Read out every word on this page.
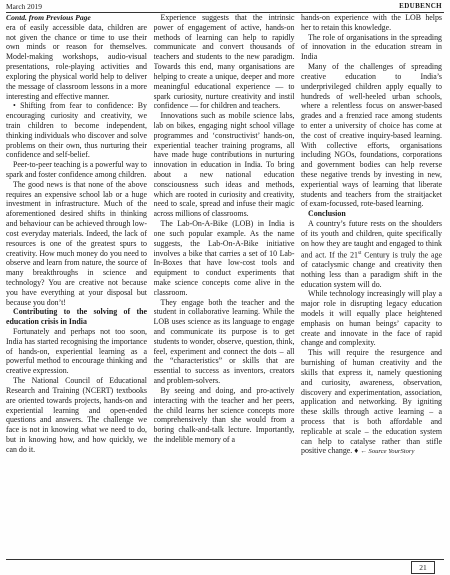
March 2019	EDUBENCH

Contd. from Previous Page

era of easily accessible data, children are not given the chance or time to use their own minds or reason for themselves. Model-making workshops, audio-visual presentations, role-playing activities and exploring the physical world help to deliver the message of classroom lessons in a more interesting and effective manner.

• Shifting from fear to confidence: By encouraging curiosity and creativity, we train children to become independent, thinking individuals who discover and solve problems on their own, thus nurturing their confidence and self-belief.

Peer-to-peer teaching is a powerful way to spark and foster confidence among children.

The good news is that none of the above requires an expensive school lab or a huge investment in infrastructure. Much of the aforementioned desired shifts in thinking and behaviour can be achieved through low-cost everyday materials. Indeed, the lack of resources is one of the greatest spurs to creativity. How much money do you need to observe and learn from nature, the source of many breakthroughs in science and technology? You are creative not because you have everything at your disposal but because you don’t!

Contributing to the solving of the education crisis in India

Fortunately and perhaps not too soon, India has started recognising the importance of hands-on, experiential learning as a powerful method to encourage thinking and creative expression.

The National Council of Educational Research and Training (NCERT) textbooks are oriented towards projects, hands-on and experiential learning and open-ended questions and answers. The challenge we face is not in knowing what we need to do, but in knowing how, and how quickly, we can do it.

Experience suggests that the intrinsic power of engagement of active, hands-on methods of learning can help to rapidly communicate and convert thousands of teachers and students to the new paradigm. Towards this end, many organisations are helping to create a unique, deeper and more meaningful educational experience — to spark curiosity, nurture creativity and instil confidence — for children and teachers.

Innovations such as mobile science labs, lab on bikes, engaging night school village programmes and ‘constructivist’ hands-on, experiential teacher training programs, all have made huge contributions in nurturing innovation in education in India. To bring about a new national education consciousness such ideas and methods, which are rooted in curiosity and creativity, need to scale, spread and infuse their magic across millions of classrooms.

The Lab-On-A-Bike (LOB) in India is one such popular example. As the name suggests, the Lab-On-A-Bike initiative involves a bike that carries a set of 10 Lab-In-Boxes that have low-cost tools and equipment to conduct experiments that make science concepts come alive in the classroom.

They engage both the teacher and the student in collaborative learning. While the LOB uses science as its language to engage and communicate its purpose is to get students to wonder, observe, question, think, feel, experiment and connect the dots – all the “characteristics” or skills that are essential to success as inventors, creators and problem-solvers.

By seeing and doing, and pro-actively interacting with the teacher and her peers, the child learns her science concepts more comprehensively than she would from a boring chalk-and-talk lecture. Importantly, the indelible memory of a

hands-on experience with the LOB helps her to retain this knowledge.

The role of organisations in the spreading of innovation in the education stream in India

Many of the challenges of spreading creative education to India’s underprivileged children apply equally to hundreds of well-heeled urban schools, where a relentless focus on answer-based grades and a frenzied race among students to enter a university of choice has come at the cost of creative inquiry-based learning. With collective efforts, organisations including NGOs, foundations, corporations and government bodies can help reverse these negative trends by investing in new, experiential ways of learning that liberate students and teachers from the straitjacket of exam-focussed, rote-based learning.

Conclusion

A country’s future rests on the shoulders of its youth and children, quite specifically on how they are taught and engaged to think and act. If the 21st Century is truly the age of cataclysmic change and creativity then nothing less than a paradigm shift in the education system will do.

While technology increasingly will play a major role in disrupting legacy education models it will equally place heightened emphasis on human beings’ capacity to create and innovate in the face of rapid change and complexity.

This will require the resurgence and burnishing of human creativity and the skills that express it, namely questioning and curiosity, awareness, observation, discovery and experimentation, association, application and networking. By igniting these skills through active learning – a process that is both affordable and replicable at scale – the education system can help to catalyse rather than stifle positive change. ♦ ← Source YourStory

21
